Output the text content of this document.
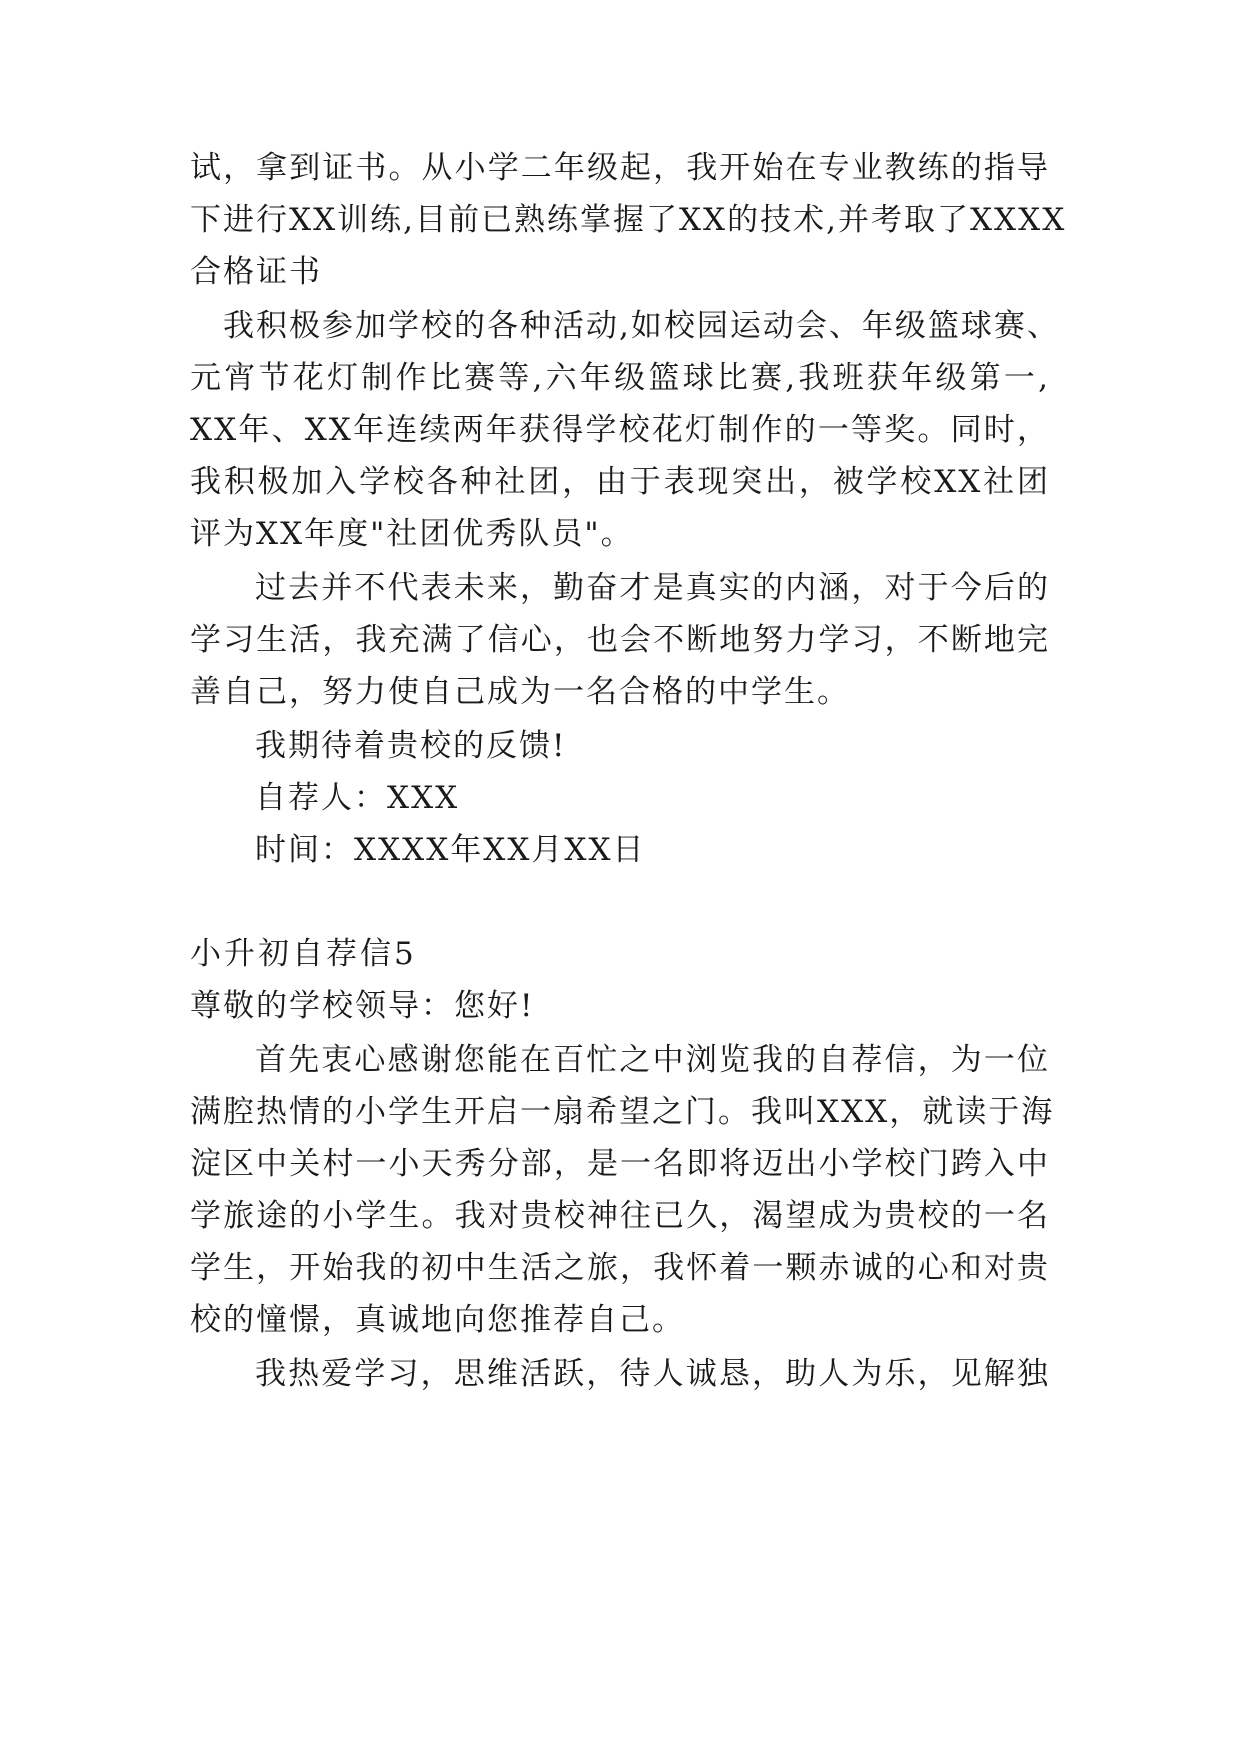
试，拿到证书。从小学二年级起，我开始在专业教练的指导
下进行XX训练,目前已熟练掌握了XX的技术,并考取了XXXX
合格证书
我积极参加学校的各种活动,如校园运动会、年级篮球赛、
元宵节花灯制作比赛等,六年级篮球比赛,我班获年级第一,
XX年、XX年连续两年获得学校花灯制作的一等奖。同时，
我积极加入学校各种社团，由于表现突出，被学校XX社团
评为XX年度"社团优秀队员"。
过去并不代表未来，勤奋才是真实的内涵，对于今后的
学习生活，我充满了信心，也会不断地努力学习，不断地完
善自己，努力使自己成为一名合格的中学生。
我期待着贵校的反馈!
自荐人：XXX
时间：XXXX年XX月XX日
小升初自荐信5
尊敬的学校领导：您好!
首先衷心感谢您能在百忙之中浏览我的自荐信，为一位
满腔热情的小学生开启一扇希望之门。我叫XXX，就读于海
淀区中关村一小天秀分部，是一名即将迈出小学校门跨入中
学旅途的小学生。我对贵校神往已久，渴望成为贵校的一名
学生，开始我的初中生活之旅，我怀着一颗赤诚的心和对贵
校的憧憬，真诚地向您推荐自己。
我热爱学习，思维活跃，待人诚恳，助人为乐，见解独
